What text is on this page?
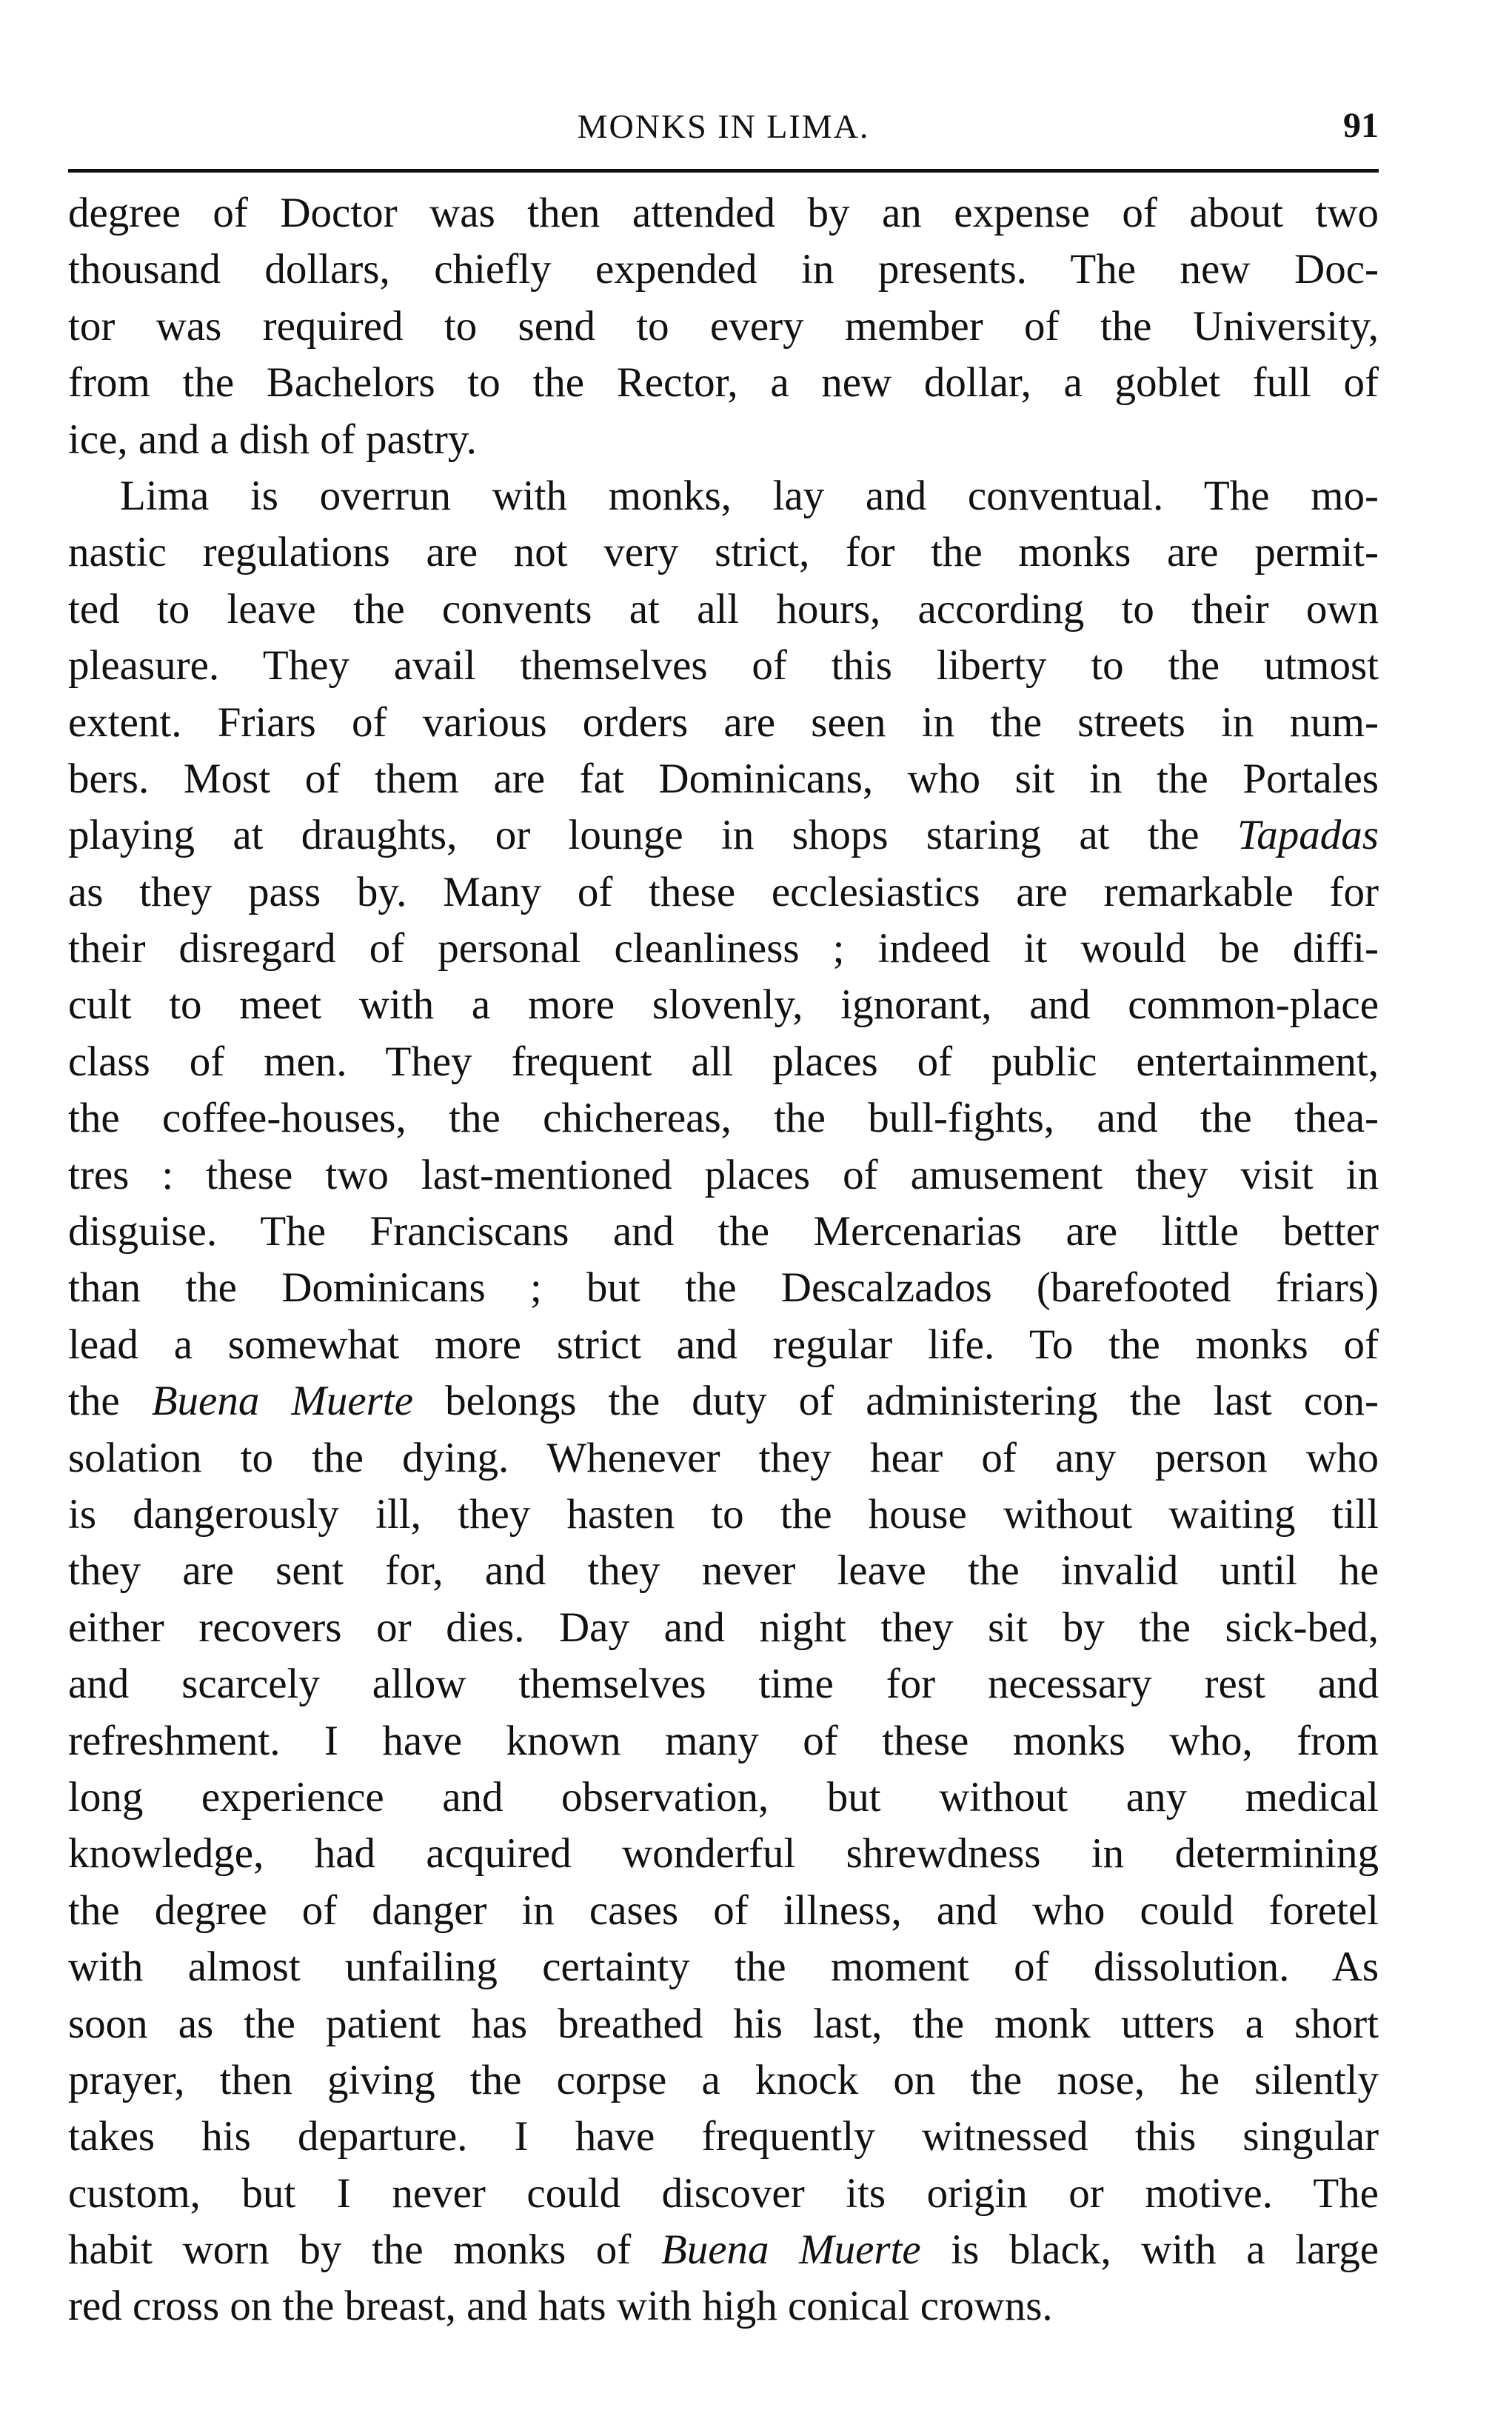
MONKS IN LIMA.	91
degree of Doctor was then attended by an expense of about two
thousand dollars, chiefly expended in presents. The new Doc-
tor was required to send to every member of the University,
from the Bachelors to the Rector, a new dollar, a goblet full of
ice, and a dish of pastry.
Lima is overrun with monks, lay and conventual. The mo-
nastic regulations are not very strict, for the monks are permit-
ted to leave the convents at all hours, according to their own
pleasure. They avail themselves of this liberty to the utmost
extent. Friars of various orders are seen in the streets in num-
bers. Most of them are fat Dominicans, who sit in the Portales
playing at draughts, or lounge in shops staring at the Tapadas
as they pass by. Many of these ecclesiastics are remarkable for
their disregard of personal cleanliness ; indeed it would be diffi-
cult to meet with a more slovenly, ignorant, and common-place
class of men. They frequent all places of public entertainment,
the coffee-houses, the chichereas, the bull-fights, and the thea-
tres : these two last-mentioned places of amusement they visit in
disguise. The Franciscans and the Mercenarias are little better
than the Dominicans ; but the Descalzados (barefooted friars)
lead a somewhat more strict and regular life. To the monks of
the Buena Muerte belongs the duty of administering the last con-
solation to the dying. Whenever they hear of any person who
is dangerously ill, they hasten to the house without waiting till
they are sent for, and they never leave the invalid until he
either recovers or dies. Day and night they sit by the sick-bed,
and scarcely allow themselves time for necessary rest and
refreshment. I have known many of these monks who, from
long experience and observation, but without any medical
knowledge, had acquired wonderful shrewdness in determining
the degree of danger in cases of illness, and who could foretel
with almost unfailing certainty the moment of dissolution. As
soon as the patient has breathed his last, the monk utters a short
prayer, then giving the corpse a knock on the nose, he silently
takes his departure. I have frequently witnessed this singular
custom, but I never could discover its origin or motive. The
habit worn by the monks of Buena Muerte is black, with a large
red cross on the breast, and hats with high conical crowns.
